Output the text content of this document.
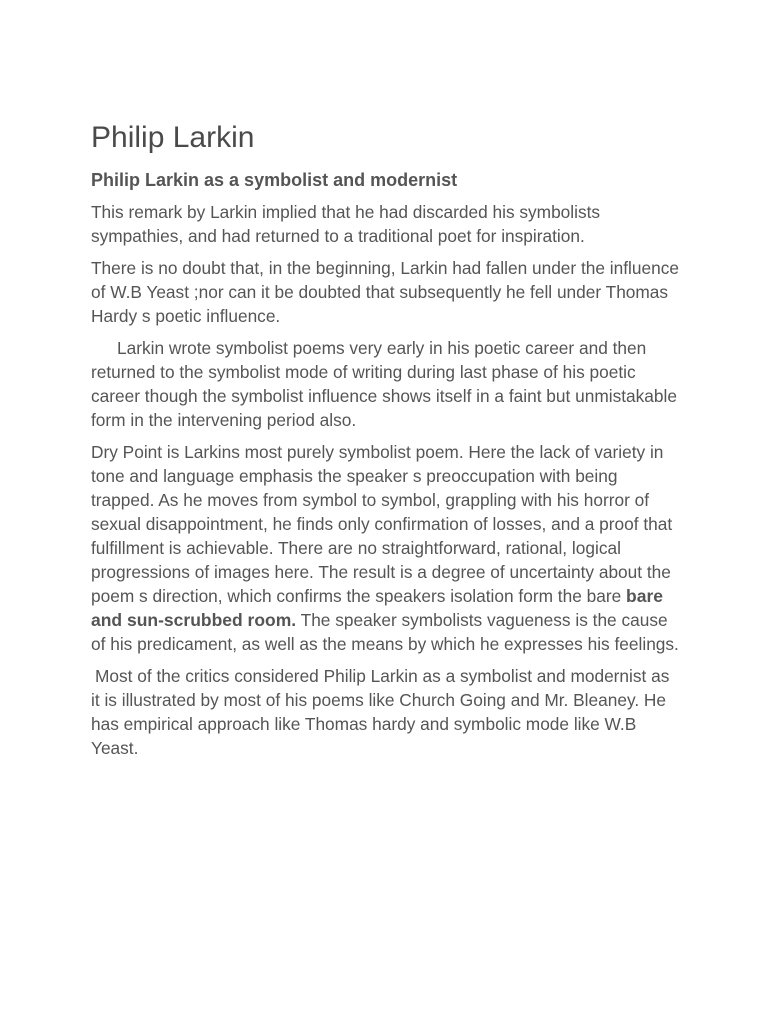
Philip Larkin
Philip Larkin as a symbolist and modernist

This remark by Larkin implied that he had discarded his symbolists sympathies, and had returned to a traditional poet for inspiration.

There is no doubt that, in the beginning, Larkin had fallen under the influence of W.B Yeast ;nor can it be doubted that subsequently he fell under Thomas Hardy s poetic influence.

Larkin wrote symbolist poems very early in his poetic career and then returned to the symbolist mode of writing during last phase of his poetic career though the symbolist influence shows itself in a faint but unmistakable form in the intervening period also.

Dry Point is Larkins most purely symbolist poem. Here the lack of variety in tone and language emphasis the speaker s preoccupation with being trapped. As he moves from symbol to symbol, grappling with his horror of sexual disappointment, he finds only confirmation of losses, and a proof that fulfillment is achievable. There are no straightforward, rational, logical progressions of images here. The result is a degree of uncertainty about the poem s direction, which confirms the speakers isolation form the bare bare and sun-scrubbed room. The speaker symbolists vagueness is the cause of his predicament, as well as the means by which he expresses his feelings.

Most of the critics considered Philip Larkin as a symbolist and modernist as it is illustrated by most of his poems like Church Going and Mr. Bleaney. He has empirical approach like Thomas hardy and symbolic mode like W.B Yeast.
